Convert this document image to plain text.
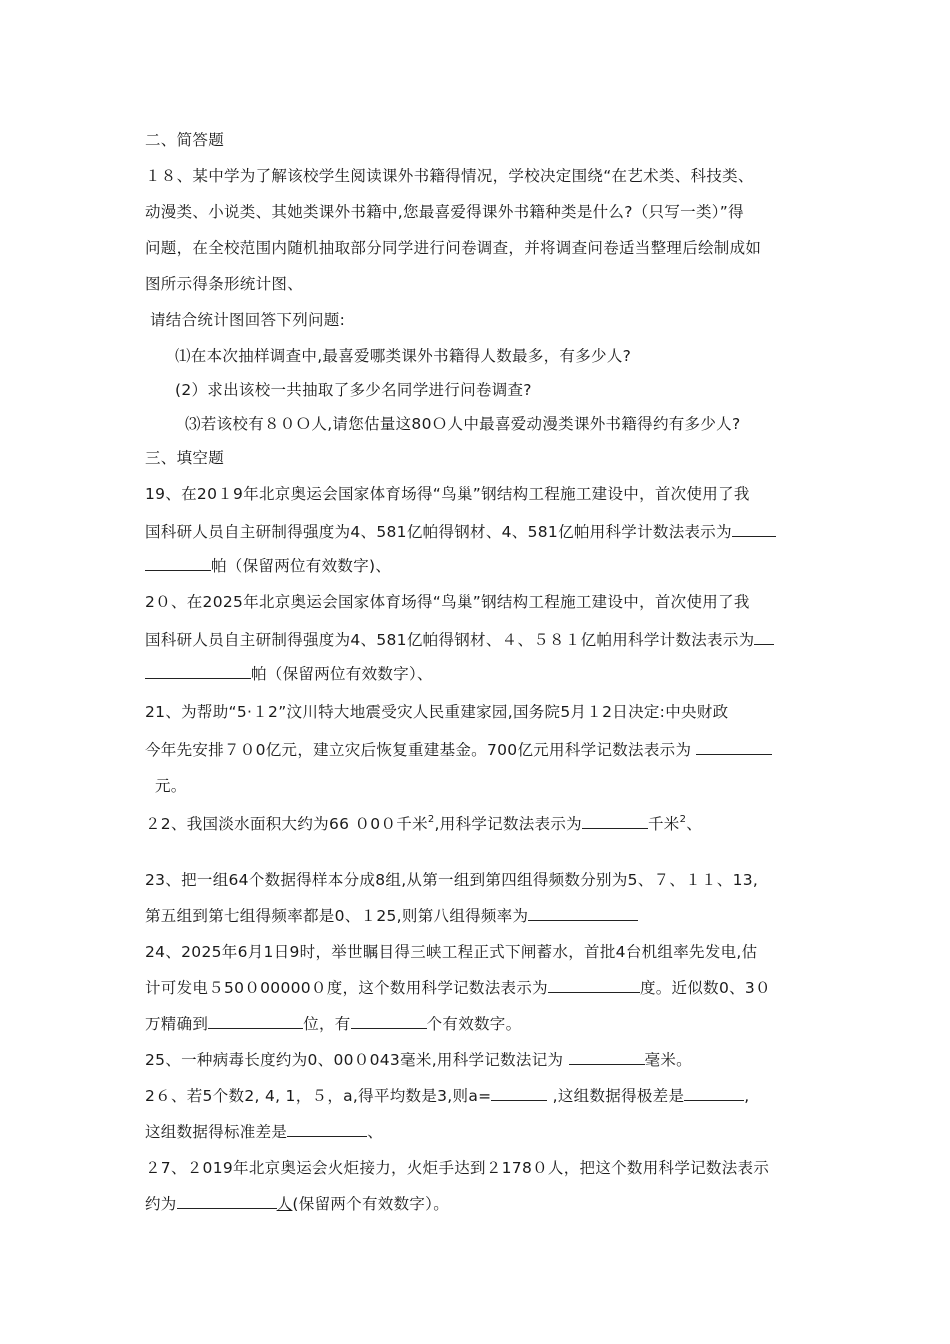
二、简答题
１８、某中学为了解该校学生阅读课外书籍得情况，学校决定围绕“在艺术类、科技类、
动漫类、小说类、其她类课外书籍中,您最喜爱得课外书籍种类是什么?（只写一类）”得
问题，在全校范围内随机抽取部分同学进行问卷调查，并将调查问卷适当整理后绘制成如
图所示得条形统计图、
请结合统计图回答下列问题:
⑴在本次抽样调查中,最喜爱哪类课外书籍得人数最多，有多少人?
(2）求出该校一共抽取了多少名同学进行问卷调查?
⑶若该校有８０Ｏ人,请您估量这80Ｏ人中最喜爱动漫类课外书籍得约有多少人?
三、填空题
19、在20１9年北京奥运会国家体育场得“鸟巢”钢结构工程施工建设中，首次使用了我
国科研人员自主研制得强度为4、581亿帕得钢材、4、581亿帕用科学计数法表示为
帕（保留两位有效数字)、
2０、在2025年北京奥运会国家体育场得“鸟巢”钢结构工程施工建设中，首次使用了我
国科研人员自主研制得强度为4、581亿帕得钢材、４、５８１亿帕用科学计数法表示为
帕（保留两位有效数字）、
21、为帮助“5·１2”汶川特大地震受灾人民重建家园,国务院5月１2日决定:中央财政
今年先安排７０0亿元，建立灾后恢复重建基金。700亿元用科学记数法表示为
元。
２2、我国淡水面积大约为66 ０0０千米$^2$,用科学记数法表示为	千米$^2$、
23、把一组64个数据得样本分成8组,从第一组到第四组得频数分别为5、７、１１、13,
第五组到第七组得频率都是0、１25,则第八组得频率为
24、2025年6月1日9时，举世瞩目得三峡工程正式下闸蓄水，首批4台机组率先发电,估
计可发电５50０00000０度，这个数用科学记数法表示为	度。近似数0、3０
万精确到	位，有	个有效数字。
25、一种病毒长度约为0、00０043毫米,用科学记数法记为	毫米。
2６、若5个数2, 4, 1，５，a,得平均数是3,则a=	,这组数据得极差是	,
这组数据得标准差是	、
２7、２019年北京奥运会火炬接力，火炬手达到２178０人，把这个数用科学记数法表示
约为	人(保留两个有效数字）。
